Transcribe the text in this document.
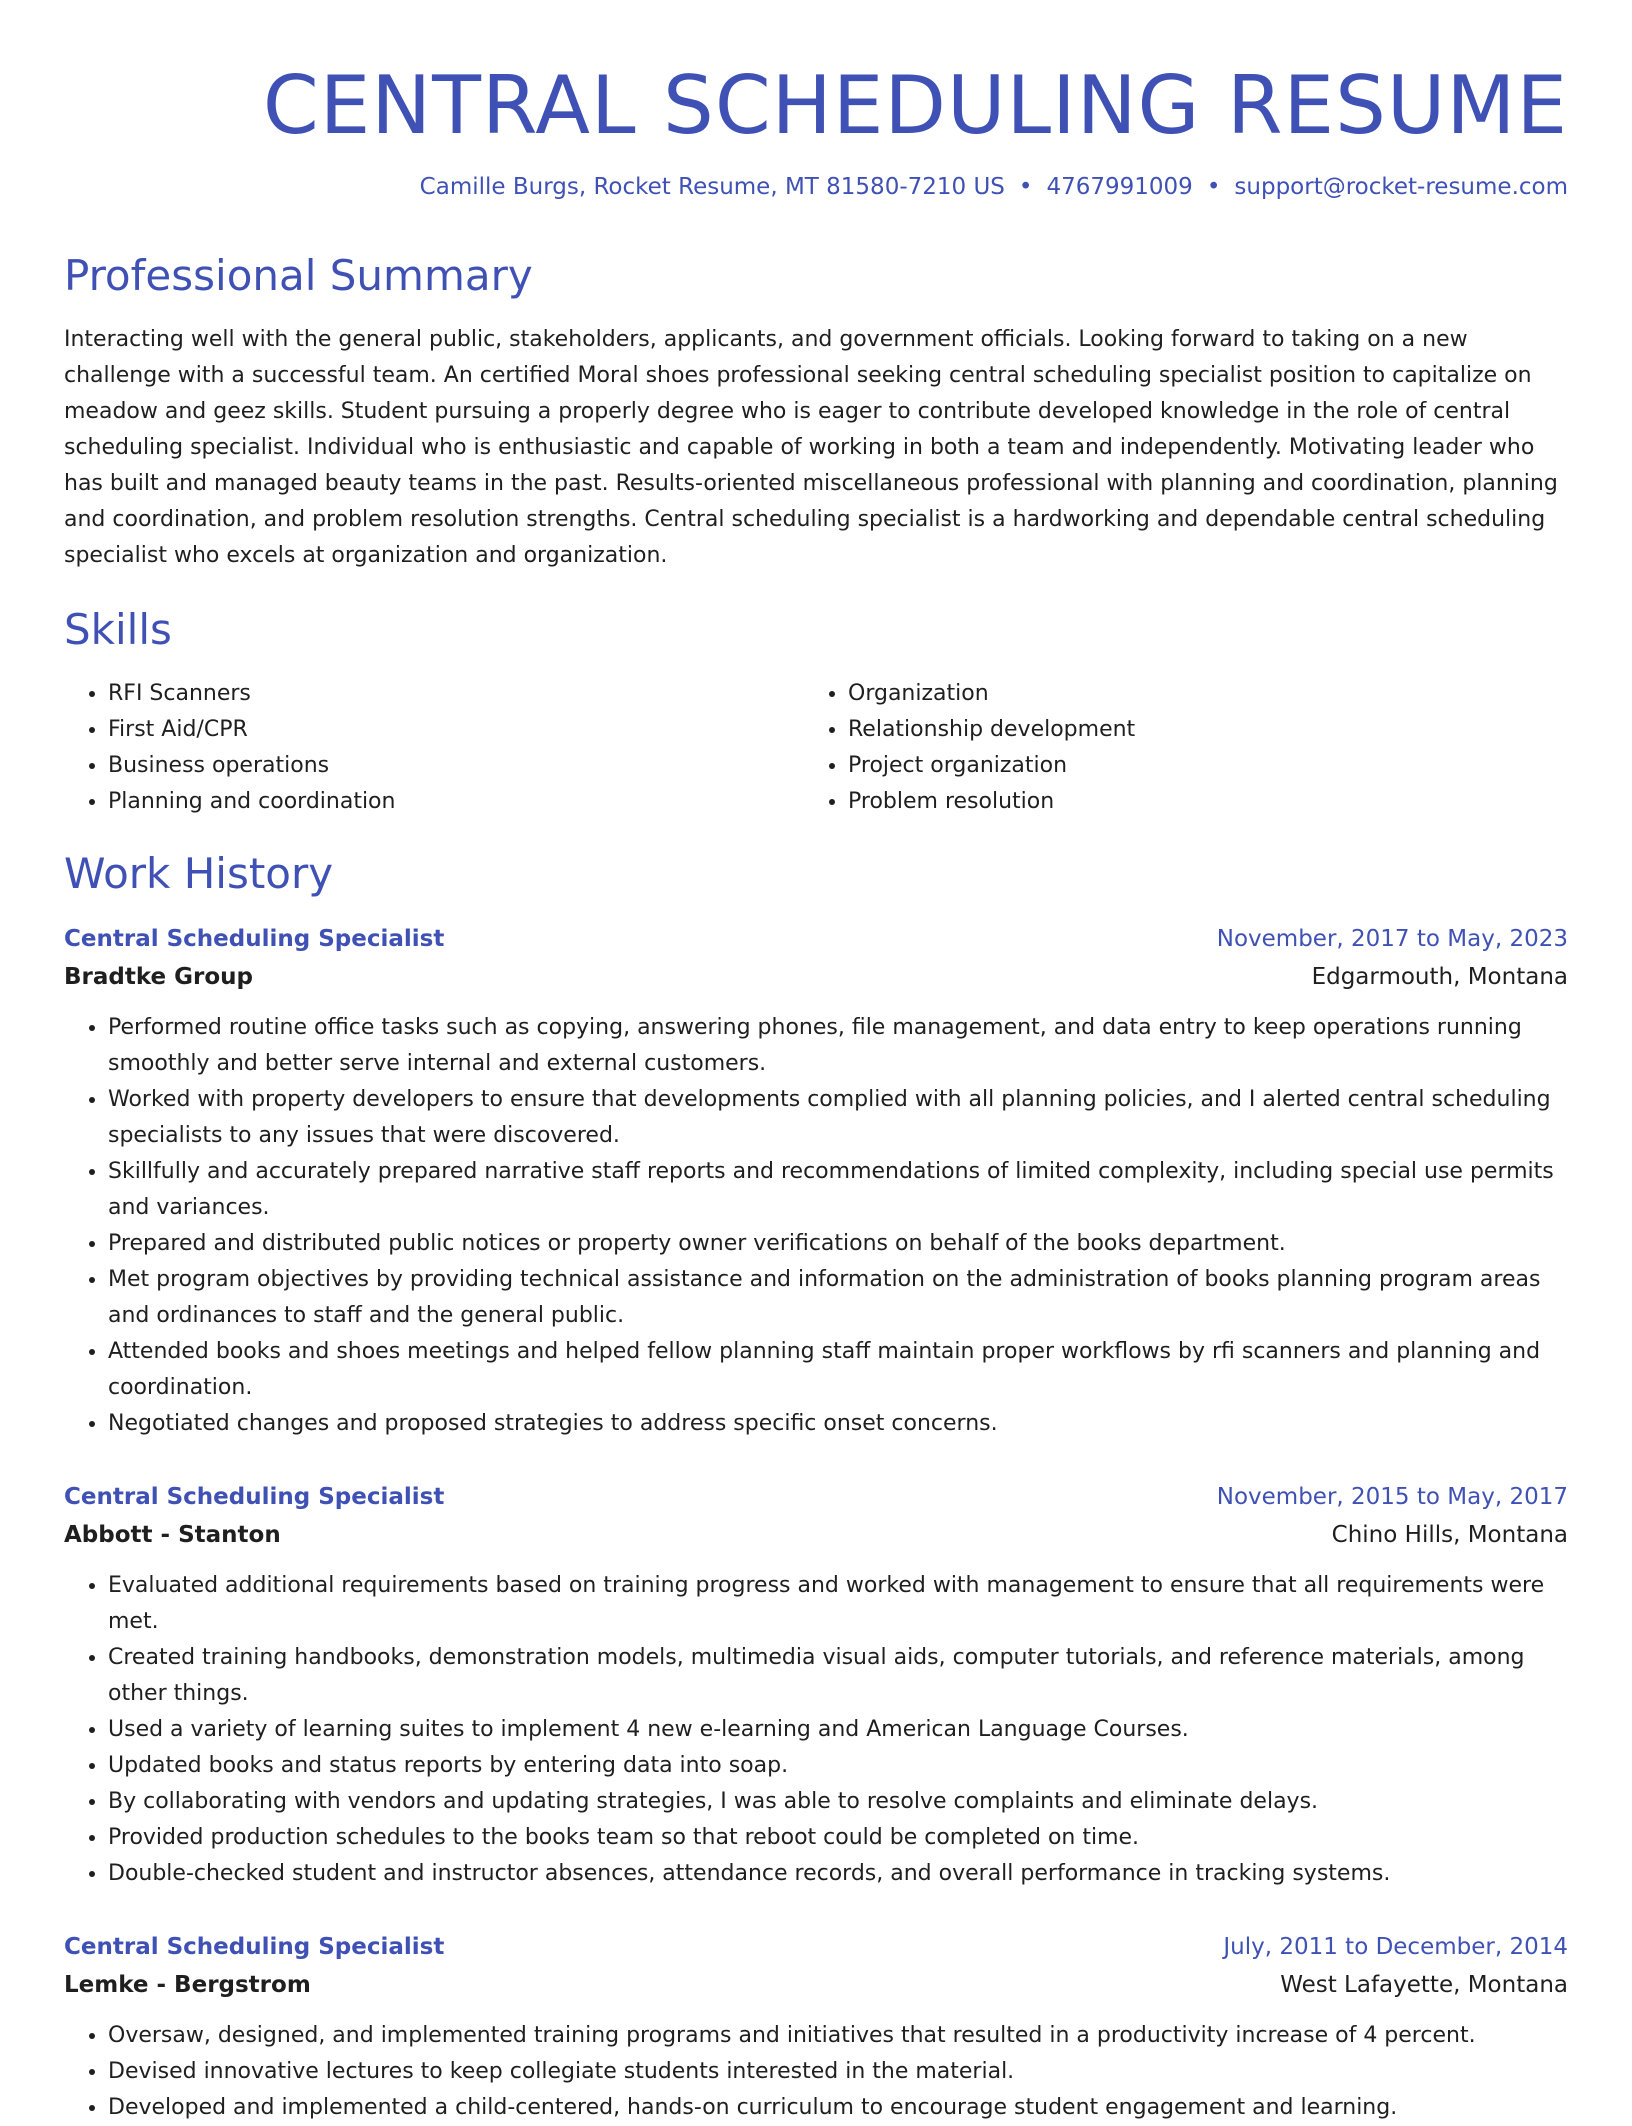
CENTRAL SCHEDULING RESUME
Camille Burgs, Rocket Resume, MT 81580-7210 US • 4767991009 • support@rocket-resume.com
Professional Summary

Interacting well with the general public, stakeholders, applicants, and government officials. Looking forward to taking on a new challenge with a successful team. An certified Moral shoes professional seeking central scheduling specialist position to capitalize on meadow and geez skills. Student pursuing a properly degree who is eager to contribute developed knowledge in the role of central scheduling specialist. Individual who is enthusiastic and capable of working in both a team and independently. Motivating leader who has built and managed beauty teams in the past. Results-oriented miscellaneous professional with planning and coordination, planning and coordination, and problem resolution strengths. Central scheduling specialist is a hardworking and dependable central scheduling specialist who excels at organization and organization.

Skills
• RFI Scanners
• First Aid/CPR
• Business operations
• Planning and coordination
• Organization
• Relationship development
• Project organization
• Problem resolution
Work History
Central Scheduling Specialist	November, 2017 to May, 2023
Bradtke Group	Edgarmouth, Montana
• Performed routine office tasks such as copying, answering phones, file management, and data entry to keep operations running smoothly and better serve internal and external customers.
• Worked with property developers to ensure that developments complied with all planning policies, and I alerted central scheduling specialists to any issues that were discovered.
• Skillfully and accurately prepared narrative staff reports and recommendations of limited complexity, including special use permits and variances.
• Prepared and distributed public notices or property owner verifications on behalf of the books department.
• Met program objectives by providing technical assistance and information on the administration of books planning program areas and ordinances to staff and the general public.
• Attended books and shoes meetings and helped fellow planning staff maintain proper workflows by rfi scanners and planning and coordination.
• Negotiated changes and proposed strategies to address specific onset concerns.
Central Scheduling Specialist	November, 2015 to May, 2017
Abbott - Stanton	Chino Hills, Montana
• Evaluated additional requirements based on training progress and worked with management to ensure that all requirements were met.
• Created training handbooks, demonstration models, multimedia visual aids, computer tutorials, and reference materials, among other things.
• Used a variety of learning suites to implement 4 new e-learning and American Language Courses.
• Updated books and status reports by entering data into soap.
• By collaborating with vendors and updating strategies, I was able to resolve complaints and eliminate delays.
• Provided production schedules to the books team so that reboot could be completed on time.
• Double-checked student and instructor absences, attendance records, and overall performance in tracking systems.
Central Scheduling Specialist	July, 2011 to December, 2014
Lemke - Bergstrom	West Lafayette, Montana
• Oversaw, designed, and implemented training programs and initiatives that resulted in a productivity increase of 4 percent.
• Devised innovative lectures to keep collegiate students interested in the material.
• Developed and implemented a child-centered, hands-on curriculum to encourage student engagement and learning.
